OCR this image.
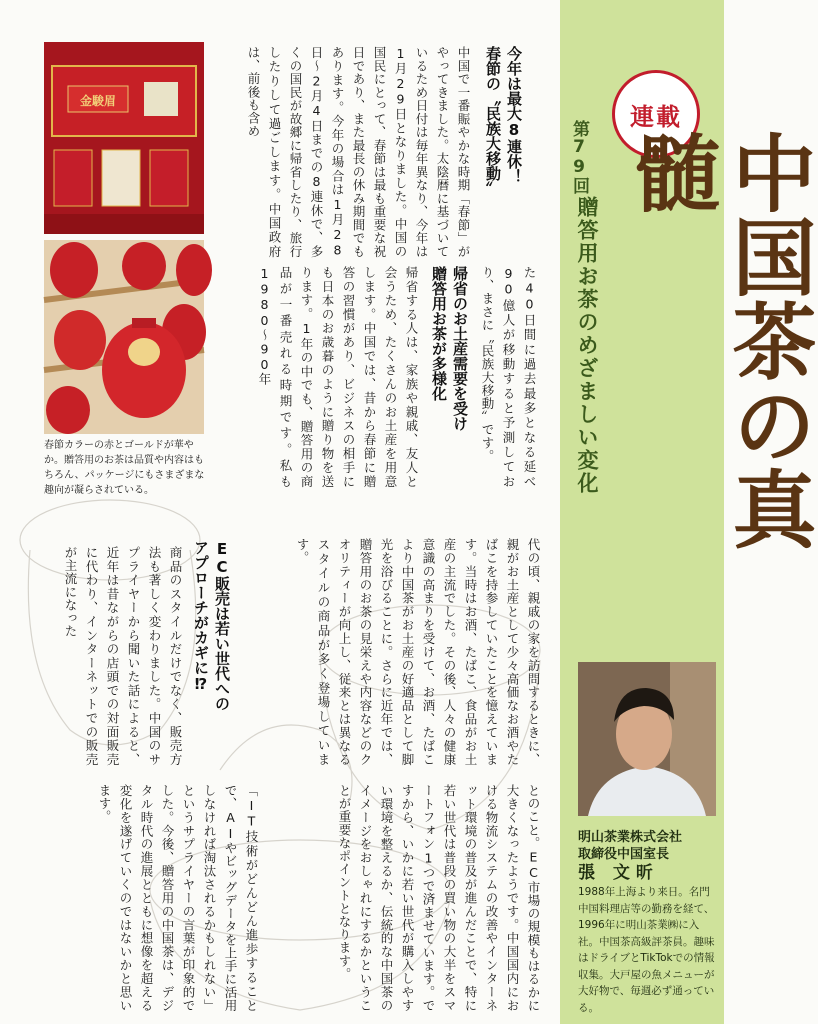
連載
第79回
贈答用お茶のめざましい変化	中国茶の真髄
明山茶業株式会社
取締役中国室長
張 文昕
1988年上海より来日。名門中国料理店等の勤務を経て、1996年に明山茶業㈱に入社。中国茶高級評茶員。趣味はドライブとTikTokでの情報収集。大戸屋の魚メニューが大好物で、毎週必ず通っている。
金駿眉
春節カラーの赤とゴールドが華やか。贈答用のお茶は品質や内容はもちろん、パッケージにもさまざまな趣向が凝らされている。

今年は最大8連休！
春節の〝民族大移動〟

中国で一番賑やかな時期「春節」がやってきました。太陰暦に基づいているため日付は毎年異なり、今年は1月29日となりました。中国の国民にとって、春節は最も重要な祝日であり、また最長の休み期間でもあります。今年の場合は1月28日〜2月4日までの8連休で、多くの国民が故郷に帰省したり、旅行したりして過ごします。中国政府は、前後も含め

た40日間に過去最多となる延べ90億人が移動すると予測しており、まさに〝民族大移動〟です。

帰省のお土産需要を受け
贈答用お茶が多様化

帰省する人は、家族や親戚、友人と会うため、たくさんのお土産を用意します。中国では、昔から春節に贈答の習慣があり、ビジネスの相手にも日本のお歳暮のように贈り物を送ります。1年の中でも、贈答用の商品が一番売れる時期です。私も1980〜90年

代の頃、親戚の家を訪問するときに、親がお土産として少々高価なお酒やたばこを持参していたことを憶えています。当時はお酒、たばこ、食品がお土産の主流でした。その後、人々の健康意識の高まりを受けて、お酒、たばこより中国茶がお土産の好適品として脚光を浴びることに。さらに近年では、贈答用のお茶の見栄えや内容などのクオリティーが向上し、従来とは異なるスタイルの商品が多く登場しています。

EC販売は若い世代への
アプローチがカギに⁉

商品のスタイルだけでなく、販売方法も著しく変わりました。中国のサプライヤーから聞いた話によると、近年は昔ながらの店頭での対面販売に代わり、インターネットでの販売が主流になった

とのこと。EC市場の規模もはるかに大きくなったようです。中国国内における物流システムの改善やインターネット環境の普及が進んだことで、特に若い世代は普段の買い物の大半をスマートフォン1つで済ませています。ですから、いかに若い世代が購入しやすい環境を整えるか、伝統的な中国茶のイメージをおしゃれにするかということが重要なポイントとなります。

「IT技術がどんどん進歩することで、AIやビッグデータを上手に活用しなければ淘汰されるかもしれない」というサプライヤーの言葉が印象的でした。今後、贈答用の中国茶は、デジタル時代の進展とともに想像を超える変化を遂げていくのではないかと思います。
